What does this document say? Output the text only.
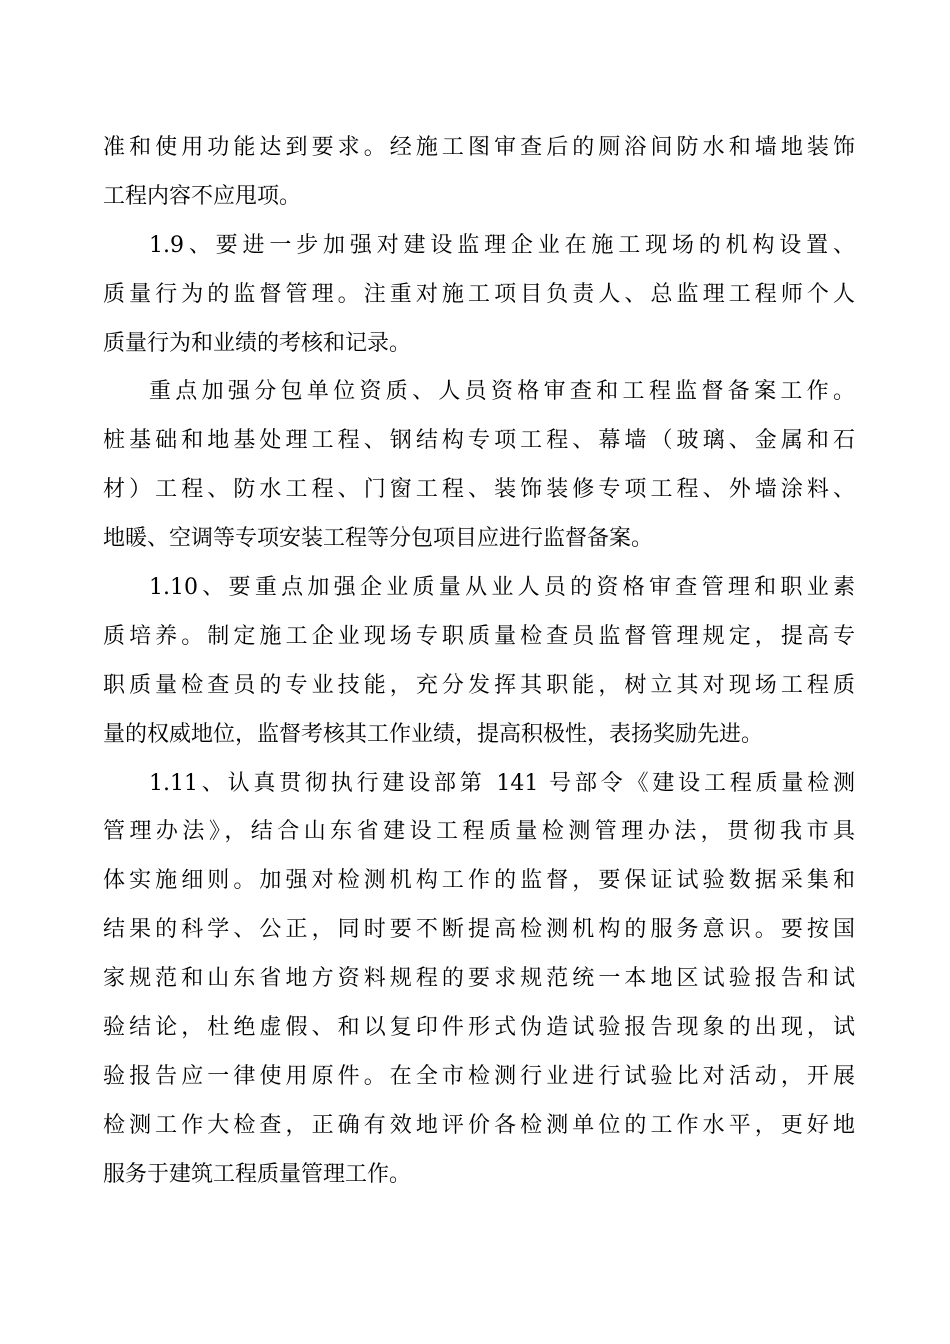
准和使用功能达到要求。经施工图审查后的厕浴间防水和墙地装饰
工程内容不应甩项。
1.9、要进一步加强对建设监理企业在施工现场的机构设置、
质量行为的监督管理。注重对施工项目负责人、总监理工程师个人
质量行为和业绩的考核和记录。
重点加强分包单位资质、人员资格审查和工程监督备案工作。
桩基础和地基处理工程、钢结构专项工程、幕墙（玻璃、金属和石
材）工程、防水工程、门窗工程、装饰装修专项工程、外墙涂料、
地暖、空调等专项安装工程等分包项目应进行监督备案。
1.10、要重点加强企业质量从业人员的资格审查管理和职业素
质培养。制定施工企业现场专职质量检查员监督管理规定，提高专
职质量检查员的专业技能，充分发挥其职能，树立其对现场工程质
量的权威地位，监督考核其工作业绩，提高积极性，表扬奖励先进。
1.11、认真贯彻执行建设部第 141 号部令《建设工程质量检测
管理办法》，结合山东省建设工程质量检测管理办法，贯彻我市具
体实施细则。加强对检测机构工作的监督，要保证试验数据采集和
结果的科学、公正，同时要不断提高检测机构的服务意识。要按国
家规范和山东省地方资料规程的要求规范统一本地区试验报告和试
验结论，杜绝虚假、和以复印件形式伪造试验报告现象的出现，试
验报告应一律使用原件。在全市检测行业进行试验比对活动，开展
检测工作大检查，正确有效地评价各检测单位的工作水平，更好地
服务于建筑工程质量管理工作。
